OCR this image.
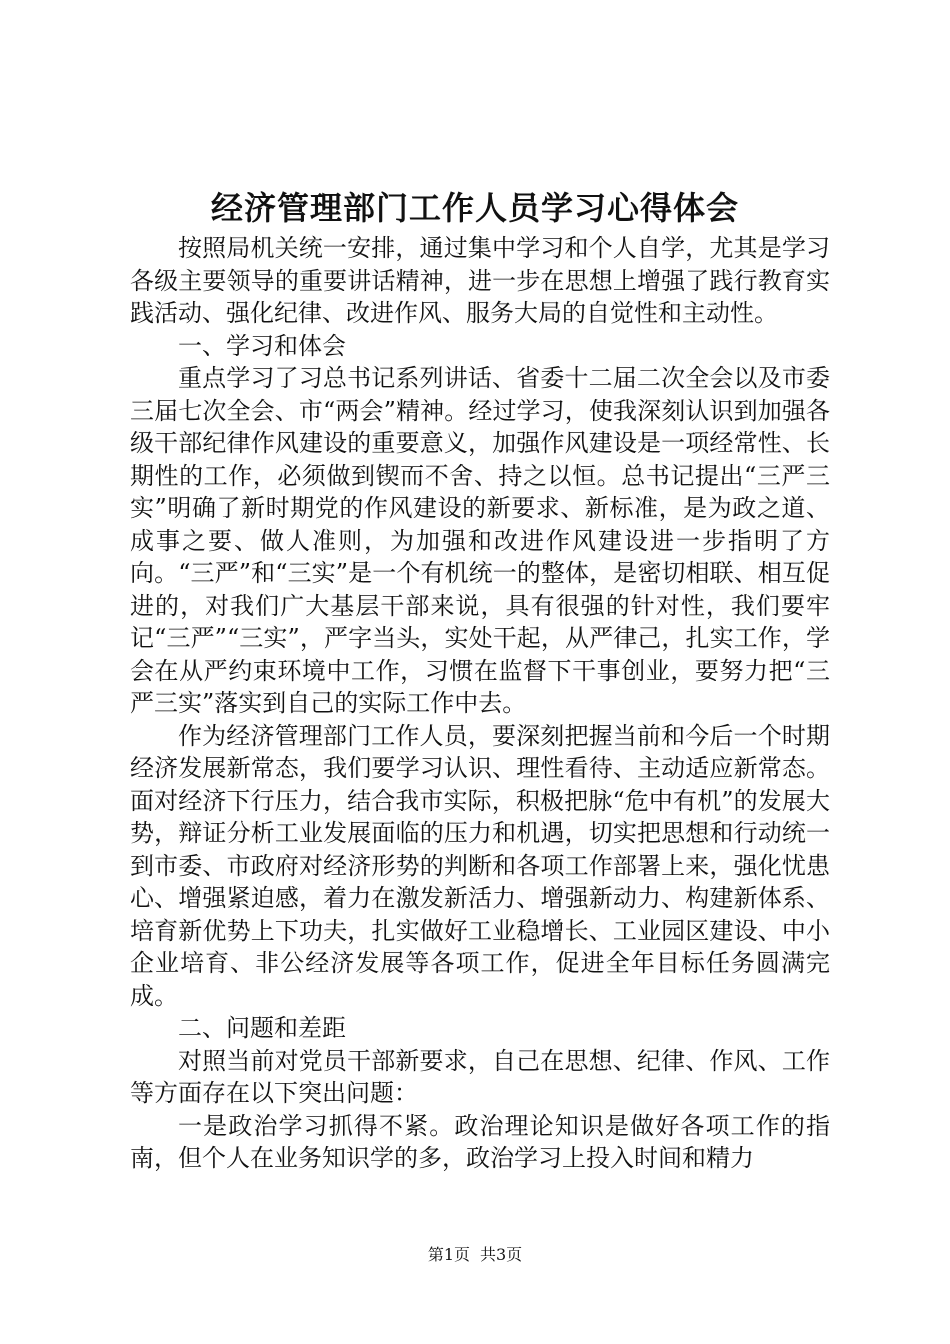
经济管理部门工作人员学习心得体会

按照局机关统一安排，通过集中学习和个人自学，尤其是学习各级主要领导的重要讲话精神，进一步在思想上增强了践行教育实践活动、强化纪律、改进作风、服务大局的自觉性和主动性。

一、学习和体会

重点学习了习总书记系列讲话、省委十二届二次全会以及市委三届七次全会、市“两会”精神。经过学习，使我深刻认识到加强各级干部纪律作风建设的重要意义，加强作风建设是一项经常性、长期性的工作，必须做到锲而不舍、持之以恒。总书记提出“三严三实”明确了新时期党的作风建设的新要求、新标准，是为政之道、成事之要、做人准则，为加强和改进作风建设进一步指明了方向。“三严”和“三实”是一个有机统一的整体，是密切相联、相互促进的，对我们广大基层干部来说，具有很强的针对性，我们要牢记“三严”“三实”，严字当头，实处干起，从严律己，扎实工作，学会在从严约束环境中工作，习惯在监督下干事创业，要努力把“三严三实”落实到自己的实际工作中去。

作为经济管理部门工作人员，要深刻把握当前和今后一个时期经济发展新常态，我们要学习认识、理性看待、主动适应新常态。面对经济下行压力，结合我市实际，积极把脉“危中有机”的发展大势，辩证分析工业发展面临的压力和机遇，切实把思想和行动统一到市委、市政府对经济形势的判断和各项工作部署上来，强化忧患心、增强紧迫感，着力在激发新活力、增强新动力、构建新体系、培育新优势上下功夫，扎实做好工业稳增长、工业园区建设、中小企业培育、非公经济发展等各项工作，促进全年目标任务圆满完成。

二、问题和差距

对照当前对党员干部新要求，自己在思想、纪律、作风、工作等方面存在以下突出问题：

一是政治学习抓得不紧。政治理论知识是做好各项工作的指南，但个人在业务知识学的多，政治学习上投入时间和精力

第1页 共3页
